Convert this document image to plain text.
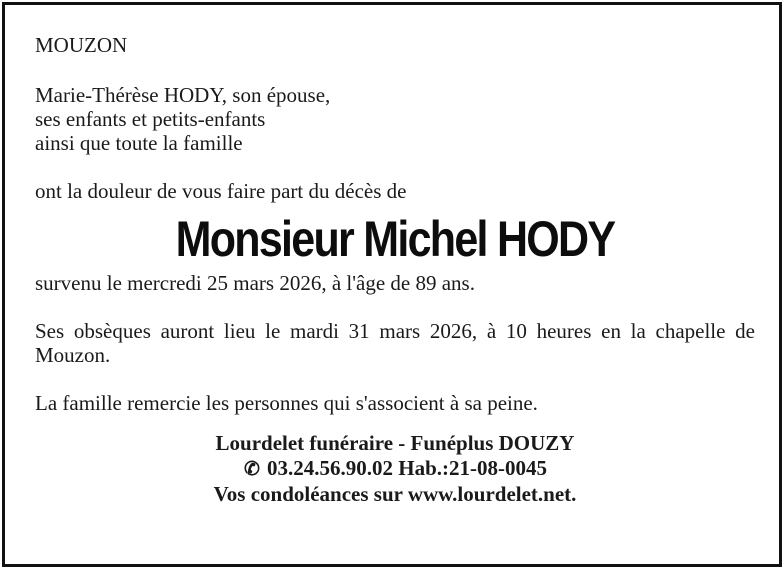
MOUZON

Marie-Thérèse HODY, son épouse,

ses enfants et petits-enfants

ainsi que toute la famille

ont la douleur de vous faire part du décès de

Monsieur Michel HODY

survenu le mercredi 25 mars 2026, à l'âge de 89 ans.

Ses obsèques auront lieu le mardi 31 mars 2026, à 10 heures en la chapelle de Mouzon.

La famille remercie les personnes qui s'associent à sa peine.

Lourdelet funéraire - Funéplus DOUZY
✆ 03.24.56.90.02 Hab.:21-08-0045
Vos condoléances sur www.lourdelet.net.
